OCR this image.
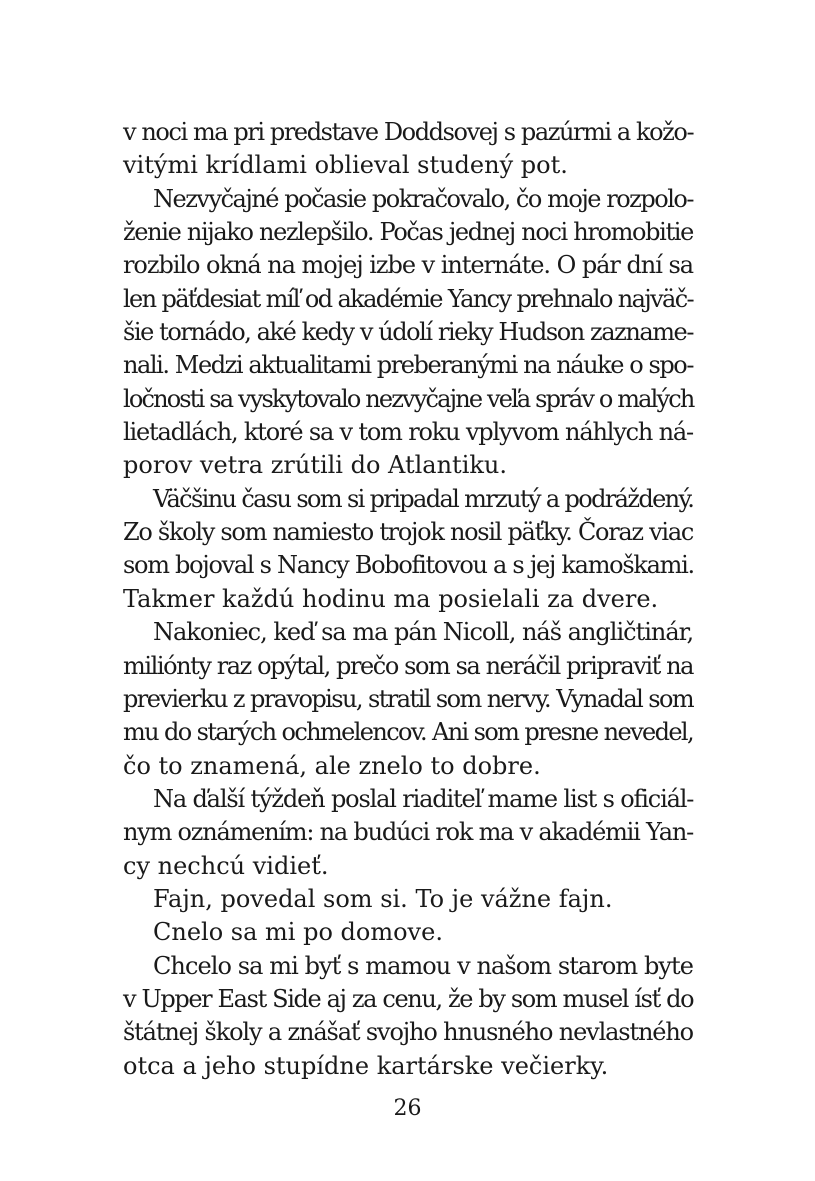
v noci ma pri predstave Doddsovej s pazúrmi a kožo-
vitými krídlami oblieval studený pot.
Nezvyčajné počasie pokračovalo, čo moje rozpolo-
ženie nijako nezlepšilo. Počas jednej noci hromobitie
rozbilo okná na mojej izbe v internáte. O pár dní sa
len päťdesiat míľ od akadémie Yancy prehnalo najväč-
šie tornádo, aké kedy v údolí rieky Hudson zazname-
nali. Medzi aktualitami preberanými na náuke o spo-
ločnosti sa vyskytovalo nezvyčajne veľa správ o malých
lietadlách, ktoré sa v tom roku vplyvom náhlych ná-
porov vetra zrútili do Atlantiku.
Väčšinu času som si pripadal mrzutý a podráždený.
Zo školy som namiesto trojok nosil päťky. Čoraz viac
som bojoval s Nancy Bobofitovou a s jej kamoškami.
Takmer každú hodinu ma posielali za dvere.
Nakoniec, keď sa ma pán Nicoll, náš angličtinár,
miliónty raz opýtal, prečo som sa neráčil pripraviť na
previerku z pravopisu, stratil som nervy. Vynadal som
mu do starých ochmelencov. Ani som presne nevedel,
čo to znamená, ale znelo to dobre.
Na ďalší týždeň poslal riaditeľ mame list s oficiál-
nym oznámením: na budúci rok ma v akadémii Yan-
cy nechcú vidieť.
Fajn, povedal som si. To je vážne fajn.
Cnelo sa mi po domove.
Chcelo sa mi byť s mamou v našom starom byte
v Upper East Side aj za cenu, že by som musel ísť do
štátnej školy a znášať svojho hnusného nevlastného
otca a jeho stupídne kartárske večierky.
26
